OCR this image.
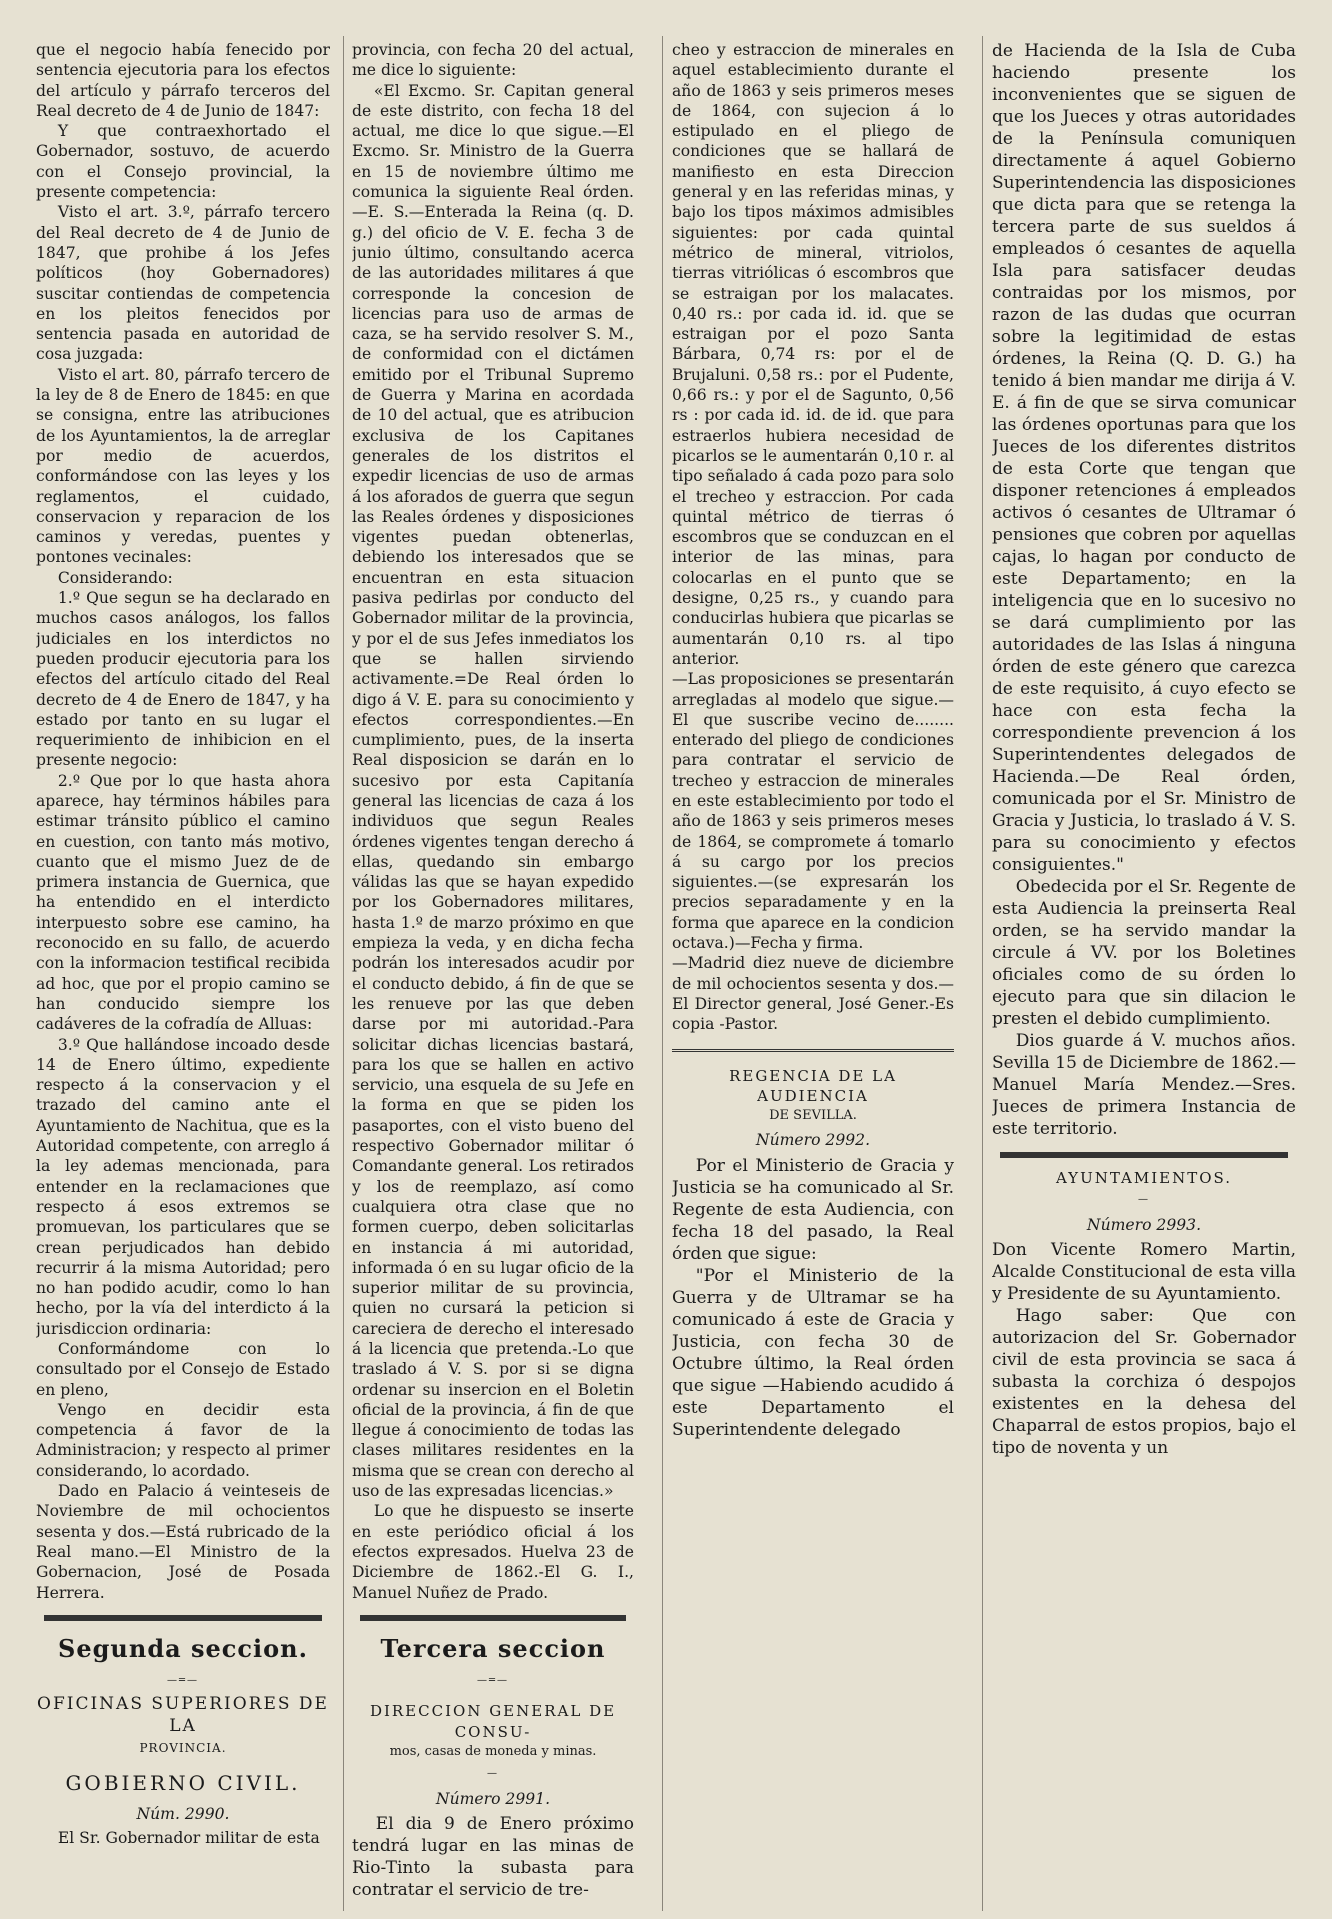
que el negocio había fenecido por sentencia ejecutoria para los efectos del artículo y párrafo terceros del Real decreto de 4 de Junio de 1847:

Y que contraexhortado el Gobernador, sostuvo, de acuerdo con el Consejo provincial, la presente competencia:

Visto el art. 3.º, párrafo tercero del Real decreto de 4 de Junio de 1847, que prohibe á los Jefes políticos (hoy Gobernadores) suscitar contiendas de competencia en los pleitos fenecidos por sentencia pasada en autoridad de cosa juzgada:

Visto el art. 80, párrafo tercero de la ley de 8 de Enero de 1845: en que se consigna, entre las atribuciones de los Ayuntamientos, la de arreglar por medio de acuerdos, conformándose con las leyes y los reglamentos, el cuidado, conservacion y reparacion de los caminos y veredas, puentes y pontones vecinales:

Considerando:

1.º Que segun se ha declarado en muchos casos análogos, los fallos judiciales en los interdictos no pueden producir ejecutoria para los efectos del artículo citado del Real decreto de 4 de Enero de 1847, y ha estado por tanto en su lugar el requerimiento de inhibicion en el presente negocio:

2.º Que por lo que hasta ahora aparece, hay términos hábiles para estimar tránsito público el camino en cuestion, con tanto más motivo, cuanto que el mismo Juez de de primera instancia de Guernica, que ha entendido en el interdicto interpuesto sobre ese camino, ha reconocido en su fallo, de acuerdo con la informacion testifical recibida ad hoc, que por el propio camino se han conducido siempre los cadáveres de la cofradía de Alluas:

3.º Que hallándose incoado desde 14 de Enero último, expediente respecto á la conservacion y el trazado del camino ante el Ayuntamiento de Nachitua, que es la Autoridad competente, con arreglo á la ley ademas mencionada, para entender en la reclamaciones que respecto á esos extremos se promuevan, los particulares que se crean perjudicados han debido recurrir á la misma Autoridad; pero no han podido acudir, como lo han hecho, por la vía del interdicto á la jurisdiccion ordinaria:

Conformándome con lo consultado por el Consejo de Estado en pleno,

Vengo en decidir esta competencia á favor de la Administracion; y respecto al primer considerando, lo acordado.

Dado en Palacio á veinteseis de Noviembre de mil ochocientos sesenta y dos.—Está rubricado de la Real mano.—El Ministro de la Gobernacion, José de Posada Herrera.

Segunda seccion.
—═—
OFICINAS SUPERIORES DE LA
PROVINCIA.
GOBIERNO CIVIL.
Núm. 2990.

El Sr. Gobernador militar de esta

provincia, con fecha 20 del actual, me dice lo siguiente:

«El Excmo. Sr. Capitan general de este distrito, con fecha 18 del actual, me dice lo que sigue.—El Excmo. Sr. Ministro de la Guerra en 15 de noviembre último me comunica la siguiente Real órden.—E. S.—Enterada la Reina (q. D. g.) del oficio de V. E. fecha 3 de junio último, consultando acerca de las autoridades militares á que corresponde la concesion de licencias para uso de armas de caza, se ha servido resolver S. M., de conformidad con el dictámen emitido por el Tribunal Supremo de Guerra y Marina en acordada de 10 del actual, que es atribucion exclusiva de los Capitanes generales de los distritos el expedir licencias de uso de armas á los aforados de guerra que segun las Reales órdenes y disposiciones vigentes puedan obtenerlas, debiendo los interesados que se encuentran en esta situacion pasiva pedirlas por conducto del Gobernador militar de la provincia, y por el de sus Jefes inmediatos los que se hallen sirviendo activamente.=De Real órden lo digo á V. E. para su conocimiento y efectos correspondientes.—En cumplimiento, pues, de la inserta Real disposicion se darán en lo sucesivo por esta Capitanía general las licencias de caza á los individuos que segun Reales órdenes vigentes tengan derecho á ellas, quedando sin embargo válidas las que se hayan expedido por los Gobernadores militares, hasta 1.º de marzo próximo en que empieza la veda, y en dicha fecha podrán los interesados acudir por el conducto debido, á fin de que se les renueve por las que deben darse por mi autoridad.-Para solicitar dichas licencias bastará, para los que se hallen en activo servicio, una esquela de su Jefe en la forma en que se piden los pasaportes, con el visto bueno del respectivo Gobernador militar ó Comandante general. Los retirados y los de reemplazo, así como cualquiera otra clase que no formen cuerpo, deben solicitarlas en instancia á mi autoridad, informada ó en su lugar oficio de la superior militar de su provincia, quien no cursará la peticion si careciera de derecho el interesado á la licencia que pretenda.-Lo que traslado á V. S. por si se digna ordenar su insercion en el Boletin oficial de la provincia, á fin de que llegue á conocimiento de todas las clases militares residentes en la misma que se crean con derecho al uso de las expresadas licencias.»

Lo que he dispuesto se inserte en este periódico oficial á los efectos expresados. Huelva 23 de Diciembre de 1862.-El G. I., Manuel Nuñez de Prado.

Tercera seccion
—═—
DIRECCION GENERAL DE CONSU-
mos, casas de moneda y minas.
—
Número 2991.

El dia 9 de Enero próximo tendrá lugar en las minas de Rio-Tinto la subasta para contratar el servicio de tre-

cheo y estraccion de minerales en aquel establecimiento durante el año de 1863 y seis primeros meses de 1864, con sujecion á lo estipulado en el pliego de condiciones que se hallará de manifiesto en esta Direccion general y en las referidas minas, y bajo los tipos máximos admisibles siguientes: por cada quintal métrico de mineral, vitriolos, tierras vitriólicas ó escombros que se estraigan por los malacates. 0,40 rs.: por cada id. id. que se estraigan por el pozo Santa Bárbara, 0,74 rs: por el de Brujaluni. 0,58 rs.: por el Pudente, 0,66 rs.: y por el de Sagunto, 0,56 rs : por cada id. id. de id. que para estraerlos hubiera necesidad de picarlos se le aumentarán 0,10 r. al tipo señalado á cada pozo para solo el trecheo y estraccion. Por cada quintal métrico de tierras ó escombros que se conduzcan en el interior de las minas, para colocarlas en el punto que se designe, 0,25 rs., y cuando para conducirlas hubiera que picarlas se aumentarán 0,10 rs. al tipo anterior.

—Las proposiciones se presentarán arregladas al modelo que sigue.—El que suscribe vecino de........ enterado del pliego de condiciones para contratar el servicio de trecheo y estraccion de minerales en este establecimiento por todo el año de 1863 y seis primeros meses de 1864, se compromete á tomarlo á su cargo por los precios siguientes.—(se expresarán los precios separadamente y en la forma que aparece en la condicion octava.)—Fecha y firma.

—Madrid diez nueve de diciembre de mil ochocientos sesenta y dos.—El Director general, José Gener.-Es copia -Pastor.

REGENCIA DE LA AUDIENCIA
DE SEVILLA.
Número 2992.

Por el Ministerio de Gracia y Justicia se ha comunicado al Sr. Regente de esta Audiencia, con fecha 18 del pasado, la Real órden que sigue:

"Por el Ministerio de la Guerra y de Ultramar se ha comunicado á este de Gracia y Justicia, con fecha 30 de Octubre último, la Real órden que sigue —Habiendo acudido á este Departamento el Superintendente delegado

de Hacienda de la Isla de Cuba haciendo presente los inconvenientes que se siguen de que los Jueces y otras autoridades de la Península comuniquen directamente á aquel Gobierno Superintendencia las disposiciones que dicta para que se retenga la tercera parte de sus sueldos á empleados ó cesantes de aquella Isla para satisfacer deudas contraidas por los mismos, por razon de las dudas que ocurran sobre la legitimidad de estas órdenes, la Reina (Q. D. G.) ha tenido á bien mandar me dirija á V. E. á fin de que se sirva comunicar las órdenes oportunas para que los Jueces de los diferentes distritos de esta Corte que tengan que disponer retenciones á empleados activos ó cesantes de Ultramar ó pensiones que cobren por aquellas cajas, lo hagan por conducto de este Departamento; en la inteligencia que en lo sucesivo no se dará cumplimiento por las autoridades de las Islas á ninguna órden de este género que carezca de este requisito, á cuyo efecto se hace con esta fecha la correspondiente prevencion á los Superintendentes delegados de Hacienda.—De Real órden, comunicada por el Sr. Ministro de Gracia y Justicia, lo traslado á V. S. para su conocimiento y efectos consiguientes."

Obedecida por el Sr. Regente de esta Audiencia la preinserta Real orden, se ha servido mandar la circule á VV. por los Boletines oficiales como de su órden lo ejecuto para que sin dilacion le presten el debido cumplimiento.

Dios guarde á V. muchos años. Sevilla 15 de Diciembre de 1862.—Manuel María Mendez.—Sres. Jueces de primera Instancia de este territorio.

AYUNTAMIENTOS.
—
Número 2993.

Don Vicente Romero Martin, Alcalde Constitucional de esta villa y Presidente de su Ayuntamiento.

Hago saber: Que con autorizacion del Sr. Gobernador civil de esta provincia se saca á subasta la corchiza ó despojos existentes en la dehesa del Chaparral de estos propios, bajo el tipo de noventa y un
